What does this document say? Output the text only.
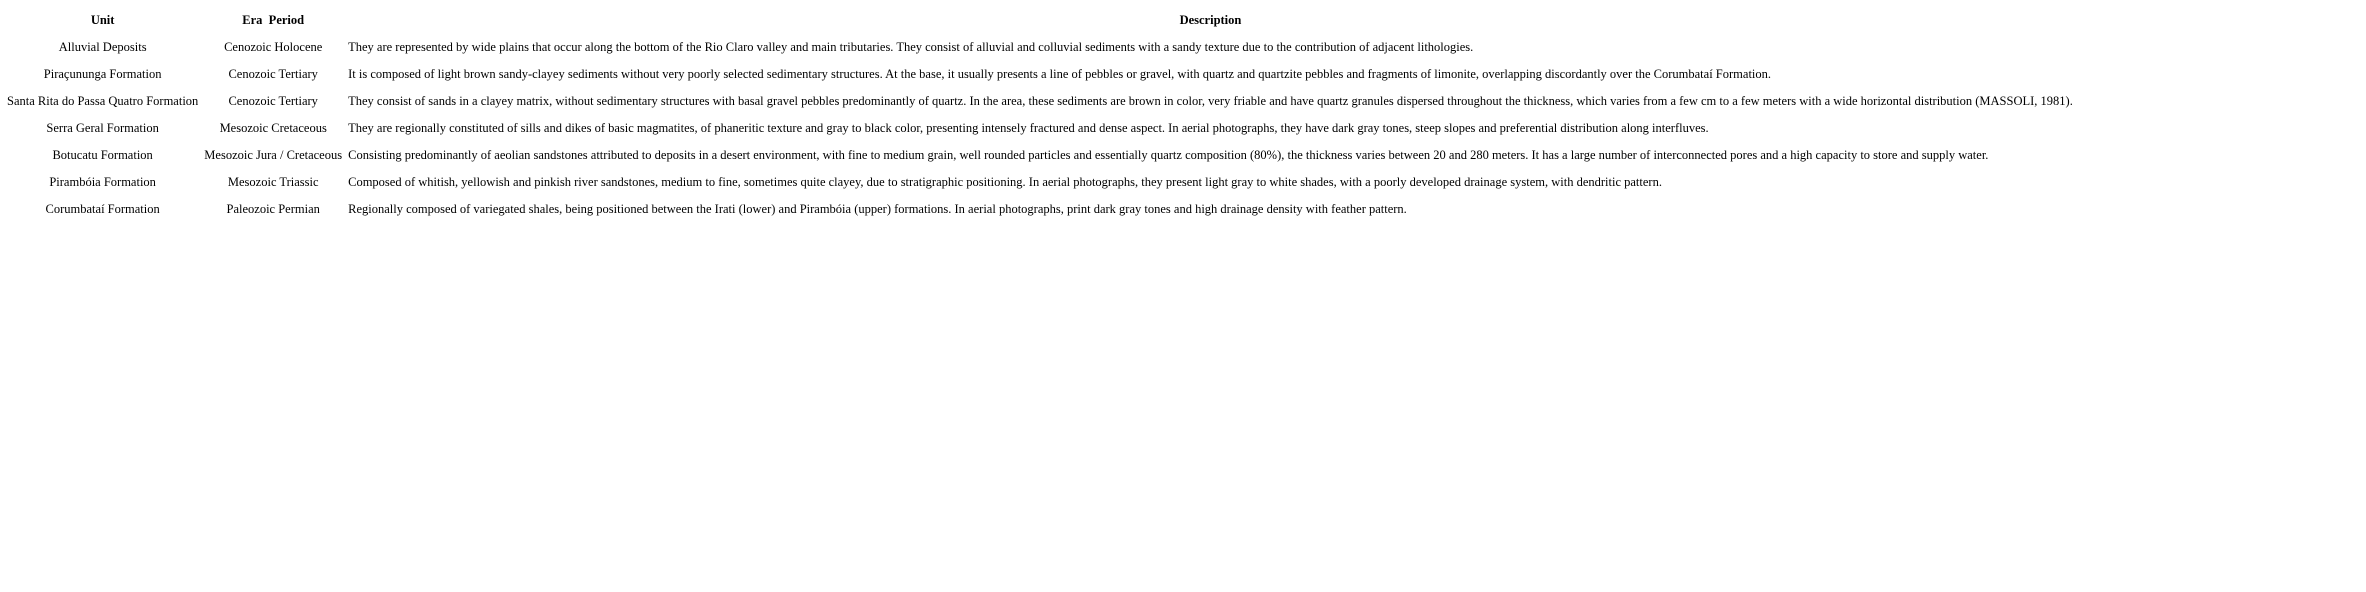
Unit	Era  Period	Description
Alluvial Deposits	Cenozoic Holocene	They are represented by wide plains that occur along the bottom of the Rio Claro valley and main tributaries. They consist of alluvial and colluvial sediments with a sandy texture due to the contribution of adjacent lithologies.
Piraçununga Formation	Cenozoic Tertiary	It is composed of light brown sandy-clayey sediments without very poorly selected sedimentary structures. At the base, it usually presents a line of pebbles or gravel, with quartz and quartzite pebbles and fragments of limonite, overlapping discordantly over the Corumbataí Formation.
Santa Rita do Passa Quatro Formation	Cenozoic Tertiary	They consist of sands in a clayey matrix, without sedimentary structures with basal gravel pebbles predominantly of quartz. In the area, these sediments are brown in color, very friable and have quartz granules dispersed throughout the thickness, which varies from a few cm to a few meters with a wide horizontal distribution (MASSOLI, 1981).
Serra Geral Formation	Mesozoic Cretaceous	They are regionally constituted of sills and dikes of basic magmatites, of phaneritic texture and gray to black color, presenting intensely fractured and dense aspect. In aerial photographs, they have dark gray tones, steep slopes and preferential distribution along interfluves.
Botucatu Formation	Mesozoic Jura / Cretaceous	Consisting predominantly of aeolian sandstones attributed to deposits in a desert environment, with fine to medium grain, well rounded particles and essentially quartz composition (80%), the thickness varies between 20 and 280 meters. It has a large number of interconnected pores and a high capacity to store and supply water.
Pirambóia Formation	Mesozoic Triassic	Composed of whitish, yellowish and pinkish river sandstones, medium to fine, sometimes quite clayey, due to stratigraphic positioning. In aerial photographs, they present light gray to white shades, with a poorly developed drainage system, with dendritic pattern.
Corumbataí Formation	Paleozoic Permian	Regionally composed of variegated shales, being positioned between the Irati (lower) and Pirambóia (upper) formations. In aerial photographs, print dark gray tones and high drainage density with feather pattern.
